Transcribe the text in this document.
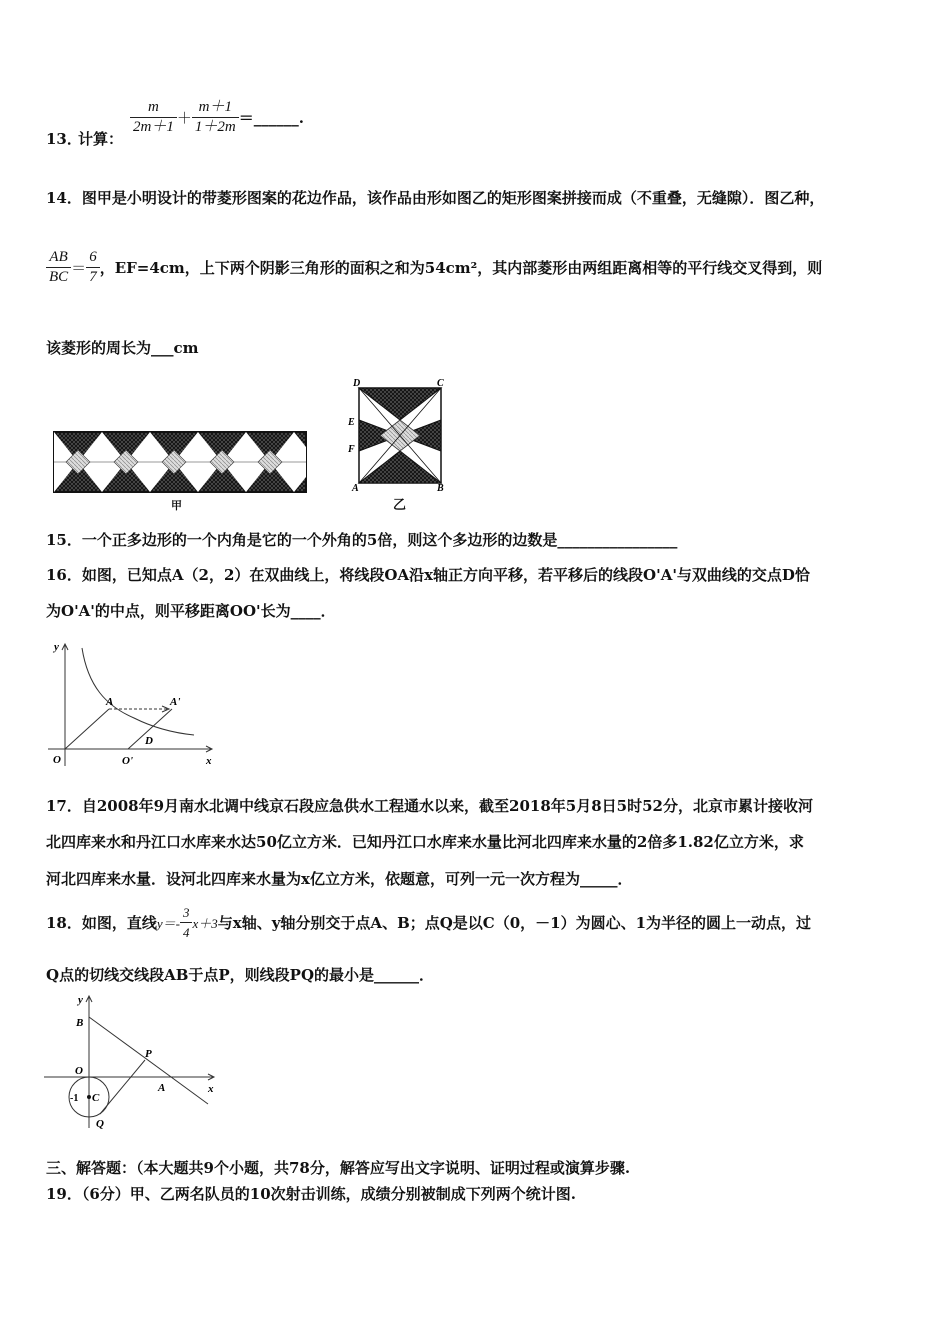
13．
计算：
$\frac{m}{2m+1} + \frac{m+1}{1+2m}$ ＝______.
14．图甲是小明设计的带菱形图案的花边作品，该作品由形如图乙的矩形图案拼接而成（不重叠，无缝隙）．图乙种，
$\frac{AB}{BC} = \frac{6}{7}$ ，EF=4cm，上下两个阴影三角形的面积之和为54cm²，其内部菱形由两组距离相等的平行线交叉得到，则
该菱形的周长为___cm
甲
D	C
E
F
A	B
乙
15．一个正多边形的一个内角是它的一个外角的5倍，则这个多边形的边数是________________
16．如图，已知点A（2，2）在双曲线上，将线段OA沿x轴正方向平移，若平移后的线段O'A'与双曲线的交点D恰
为O'A'的中点，则平移距离OO'长为____．
y
A	A'
D
O	O'	x
17．自2008年9月南水北调中线京石段应急供水工程通水以来，截至2018年5月8日5时52分，北京市累计接收河
北四库来水和丹江口水库来水达50亿立方米．已知丹江口水库来水量比河北四库来水量的2倍多1.82亿立方米，求
河北四库来水量．设河北四库来水量为x亿立方米，依题意，可列一元一次方程为_____．
18．如图，直线$y=- \frac{3}{4} x+3$与x轴、y轴分别交于点A、B；点Q是以C（0，－1）为圆心、1为半径的圆上一动点，过
Q点的切线交线段AB于点P，则线段PQ的最小是______．
y
B
P
O
A	x
-1 C
Q
三、解答题：（本大题共9个小题，共78分，解答应写出文字说明、证明过程或演算步骤.
19．（6分）甲、乙两名队员的10次射击训练，成绩分别被制成下列两个统计图.
